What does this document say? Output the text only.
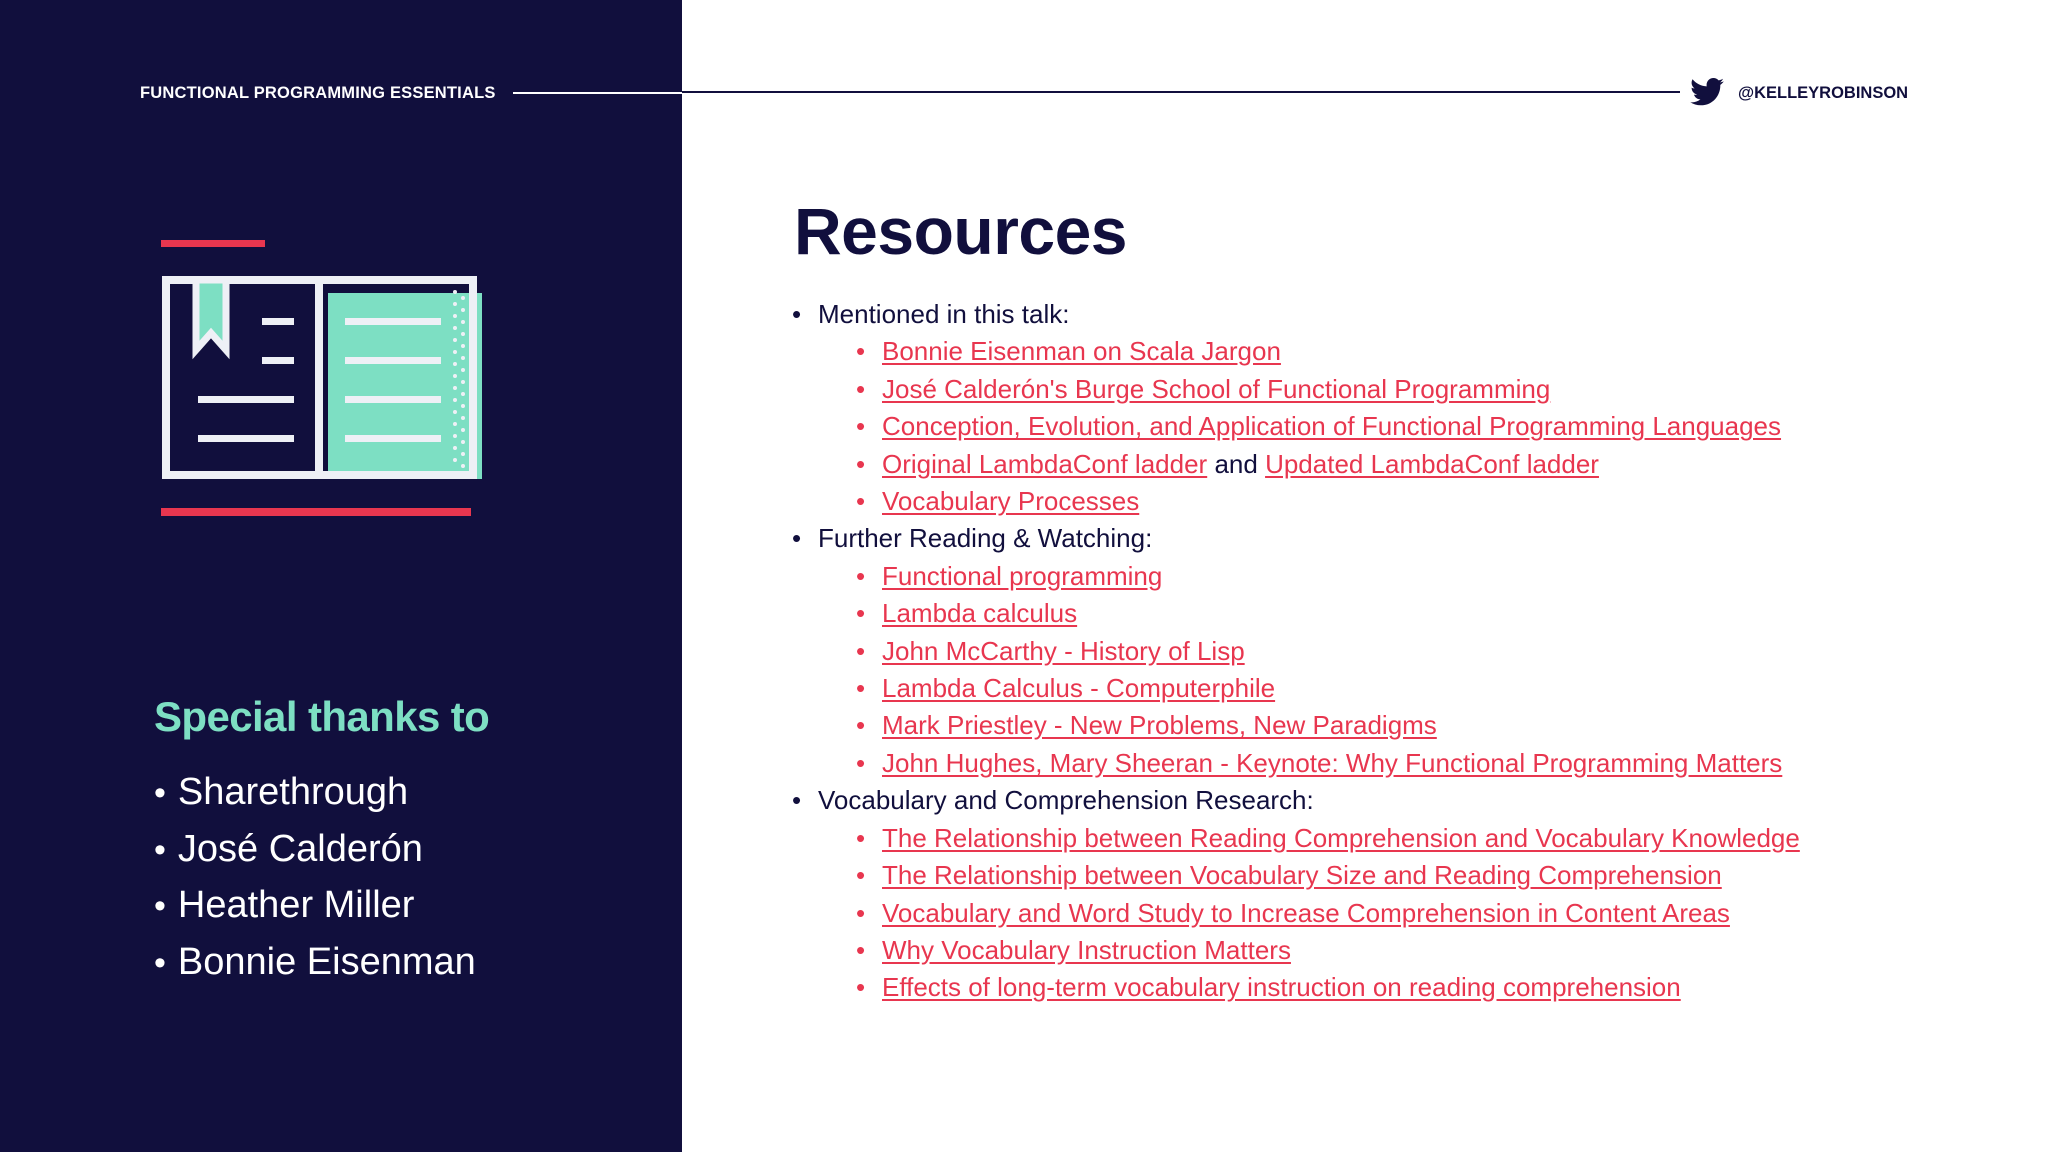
FUNCTIONAL PROGRAMMING ESSENTIALS	@KELLEYROBINSON
Special thanks to
• Sharethrough
• José Calderón
• Heather Miller
• Bonnie Eisenman
Resources
• Mentioned in this talk:
• Bonnie Eisenman on Scala Jargon
• José Calderón's Burge School of Functional Programming
• Conception, Evolution, and Application of Functional Programming Languages
• Original LambdaConf ladder and Updated LambdaConf ladder
• Vocabulary Processes
• Further Reading & Watching:
• Functional programming
• Lambda calculus
• John McCarthy - History of Lisp
• Lambda Calculus - Computerphile
• Mark Priestley - New Problems, New Paradigms
• John Hughes, Mary Sheeran - Keynote: Why Functional Programming Matters
• Vocabulary and Comprehension Research:
• The Relationship between Reading Comprehension and Vocabulary Knowledge
• The Relationship between Vocabulary Size and Reading Comprehension
• Vocabulary and Word Study to Increase Comprehension in Content Areas
• Why Vocabulary Instruction Matters
• Effects of long-term vocabulary instruction on reading comprehension
